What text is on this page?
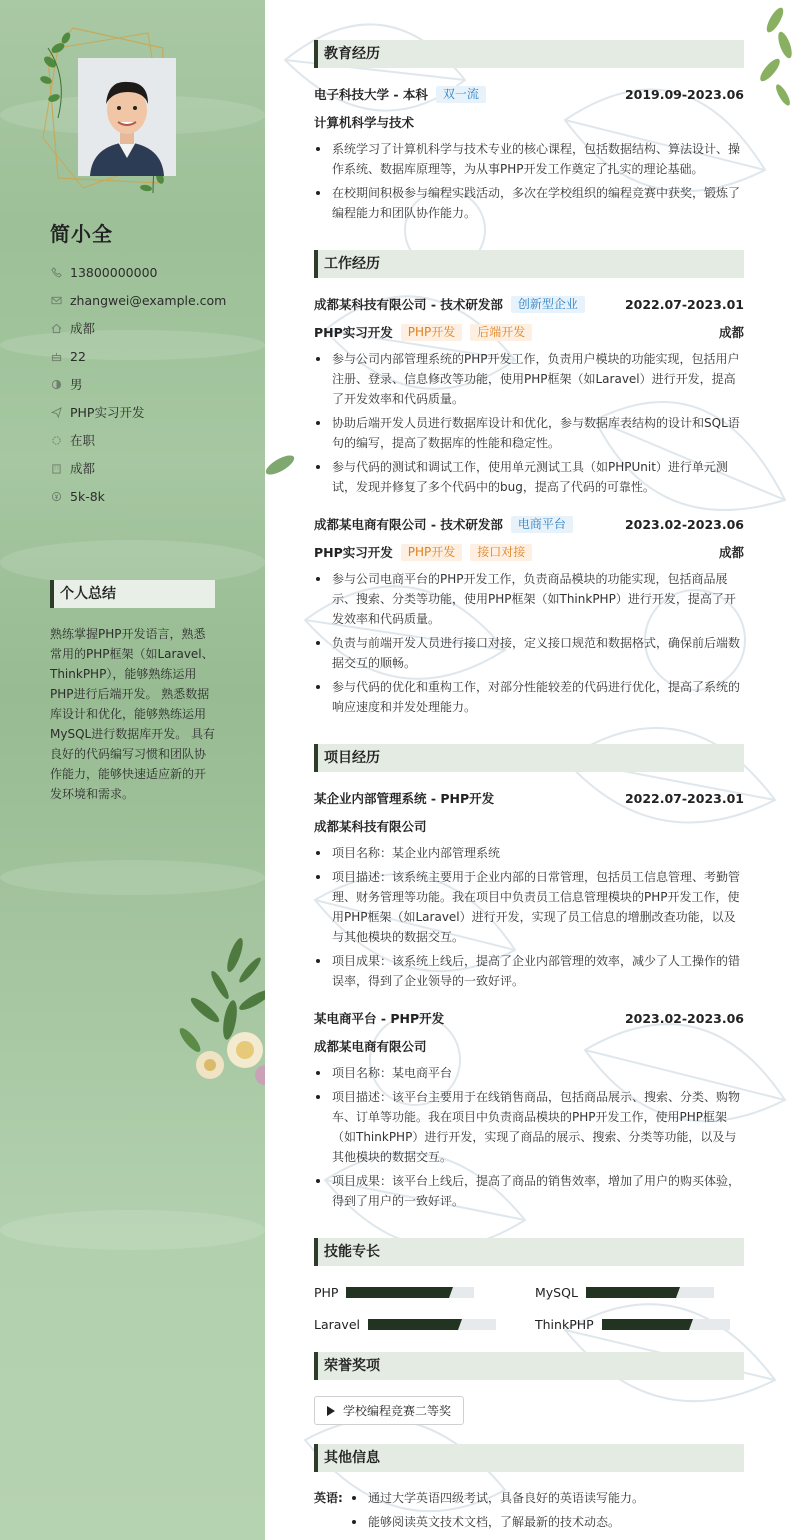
简小全
13800000000
zhangwei@example.com
成都
22
男
PHP实习开发
在职
成都
5k-8k
个人总结
熟练掌握PHP开发语言，熟悉常用的PHP框架（如Laravel、ThinkPHP），能够熟练运用PHP进行后端开发。 熟悉数据库设计和优化，能够熟练运用MySQL进行数据库开发。 具有良好的代码编写习惯和团队协作能力，能够快速适应新的开发环境和需求。
教育经历
电子科技大学 - 本科	双一流	2019.09-2023.06
计算机科学与技术
系统学习了计算机科学与技术专业的核心课程，包括数据结构、算法设计、操作系统、数据库原理等，为从事PHP开发工作奠定了扎实的理论基础。
在校期间积极参与编程实践活动，多次在学校组织的编程竞赛中获奖，锻炼了编程能力和团队协作能力。
工作经历
成都某科技有限公司 - 技术研发部	创新型企业	2022.07-2023.01
PHP实习开发	PHP开发	后端开发	成都
参与公司内部管理系统的PHP开发工作，负责用户模块的功能实现，包括用户注册、登录、信息修改等功能，使用PHP框架（如Laravel）进行开发，提高了开发效率和代码质量。
协助后端开发人员进行数据库设计和优化，参与数据库表结构的设计和SQL语句的编写，提高了数据库的性能和稳定性。
参与代码的测试和调试工作，使用单元测试工具（如PHPUnit）进行单元测试，发现并修复了多个代码中的bug，提高了代码的可靠性。
成都某电商有限公司 - 技术研发部	电商平台	2023.02-2023.06
PHP实习开发	PHP开发	接口对接	成都
参与公司电商平台的PHP开发工作，负责商品模块的功能实现，包括商品展示、搜索、分类等功能，使用PHP框架（如ThinkPHP）进行开发，提高了开发效率和代码质量。
负责与前端开发人员进行接口对接，定义接口规范和数据格式，确保前后端数据交互的顺畅。
参与代码的优化和重构工作，对部分性能较差的代码进行优化，提高了系统的响应速度和并发处理能力。
项目经历
某企业内部管理系统 - PHP开发	2022.07-2023.01
成都某科技有限公司
项目名称：某企业内部管理系统
项目描述：该系统主要用于企业内部的日常管理，包括员工信息管理、考勤管理、财务管理等功能。我在项目中负责员工信息管理模块的PHP开发工作，使用PHP框架（如Laravel）进行开发，实现了员工信息的增删改查功能，以及与其他模块的数据交互。
项目成果：该系统上线后，提高了企业内部管理的效率，减少了人工操作的错误率，得到了企业领导的一致好评。
某电商平台 - PHP开发	2023.02-2023.06
成都某电商有限公司
项目名称：某电商平台
项目描述：该平台主要用于在线销售商品，包括商品展示、搜索、分类、购物车、订单等功能。我在项目中负责商品模块的PHP开发工作，使用PHP框架（如ThinkPHP）进行开发，实现了商品的展示、搜索、分类等功能，以及与其他模块的数据交互。
项目成果：该平台上线后，提高了商品的销售效率，增加了用户的购买体验，得到了用户的一致好评。
技能专长
PHP	MySQL
Laravel	ThinkPHP
荣誉奖项
学校编程竞赛二等奖
其他信息
英语:	通过大学英语四级考试，具备良好的英语读写能力。
能够阅读英文技术文档，了解最新的技术动态。
